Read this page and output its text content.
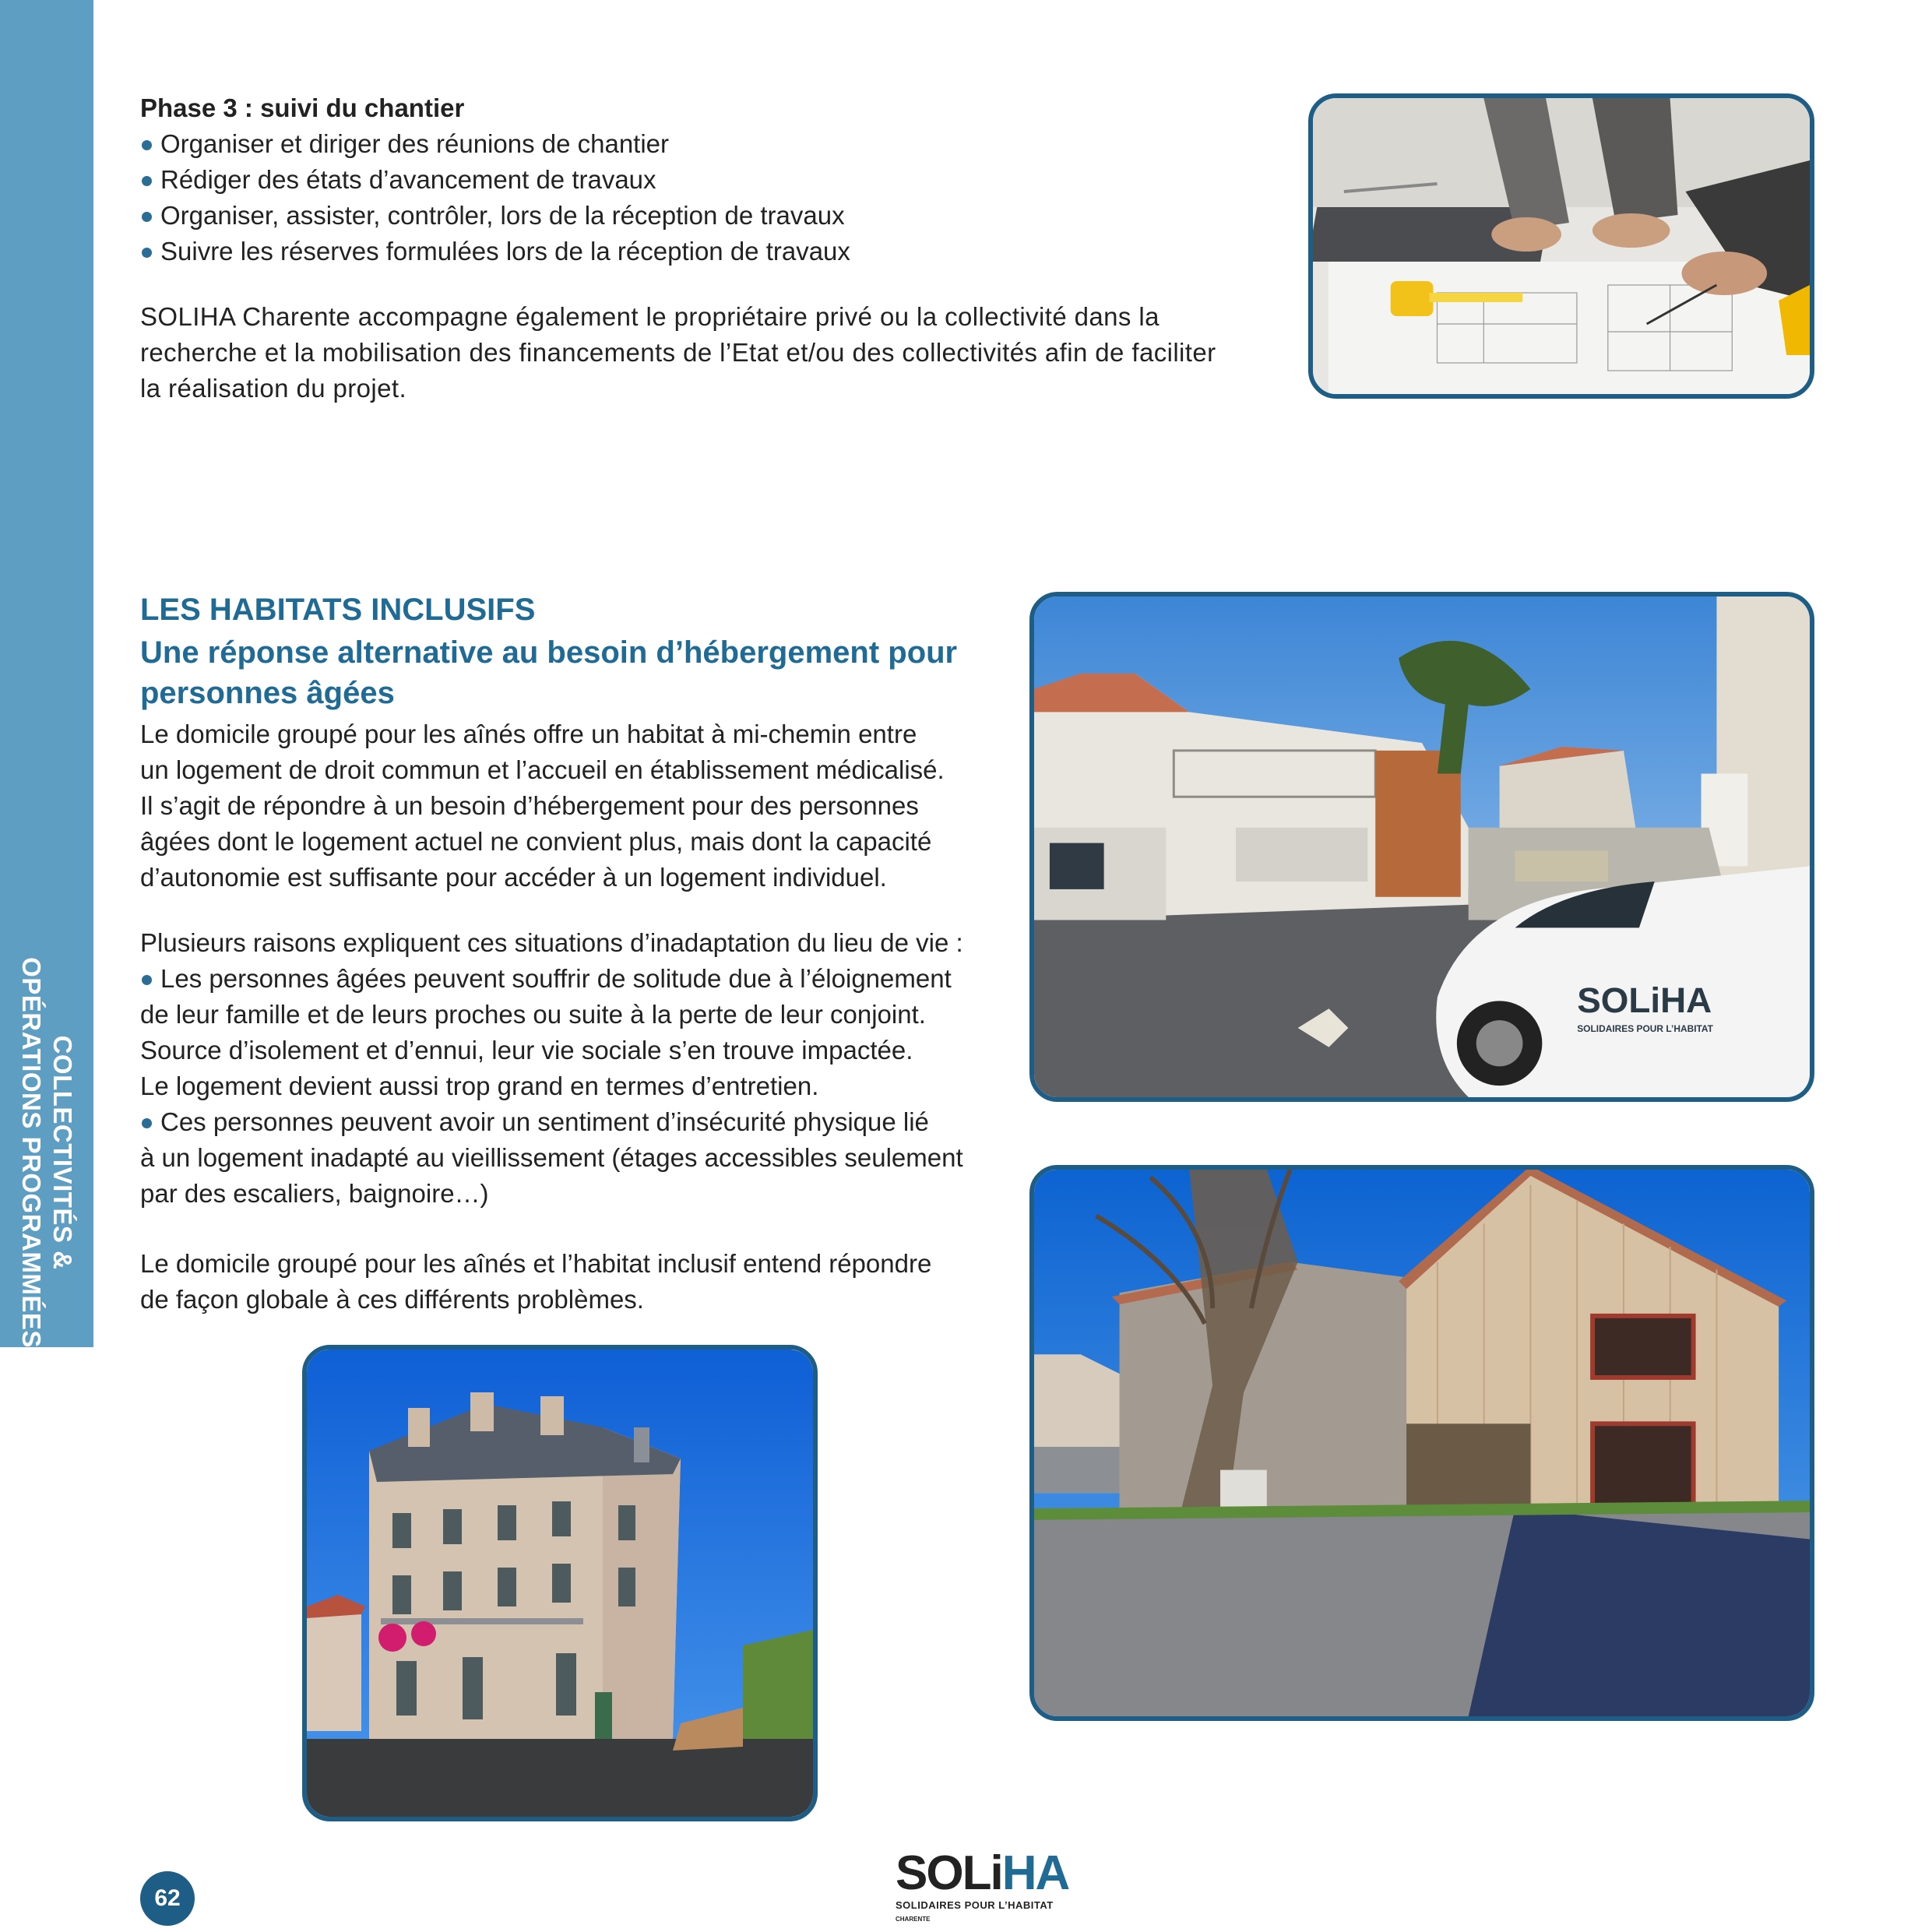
COLLECTIVITÉS &
OPÉRATIONS PROGRAMMÉES
Phase 3 : suivi du chantier
Organiser et diriger des réunions de chantier
Rédiger des états d’avancement de travaux
Organiser, assister, contrôler, lors de la réception de travaux
Suivre les réserves formulées lors de la réception de travaux
SOLIHA Charente accompagne également le propriétaire privé ou la collectivité dans la
recherche et la mobilisation des financements de l’Etat et/ou des collectivités afin de faciliter
la réalisation du projet.
LES HABITATS INCLUSIFS
Une réponse alternative au besoin d’hébergement pour personnes âgées
Le domicile groupé pour les aînés offre un habitat à mi-chemin entre
un logement de droit commun et l’accueil en établissement médicalisé.
Il s’agit de répondre à un besoin d’hébergement pour des personnes
âgées dont le logement actuel ne convient plus, mais dont la capacité
d’autonomie est suffisante pour accéder à un logement individuel.
Plusieurs raisons expliquent ces situations d’inadaptation du lieu de vie :
Les personnes âgées peuvent souffrir de solitude due à l’éloignement
de leur famille et de leurs proches ou suite à la perte de leur conjoint.
Source d’isolement et d’ennui, leur vie sociale s’en trouve impactée.
Le logement devient aussi trop grand en termes d’entretien.
Ces personnes peuvent avoir un sentiment d’insécurité physique lié
à un logement inadapté au vieillissement (étages accessibles seulement
par des escaliers, baignoire…)
Le domicile groupé pour les aînés et l’habitat inclusif entend répondre
de façon globale à ces différents problèmes.
SOLiHA
SOLIDAIRES POUR L’HABITAT
62	SOLiHA
SOLIDAIRES POUR L’HABITAT
CHARENTE
